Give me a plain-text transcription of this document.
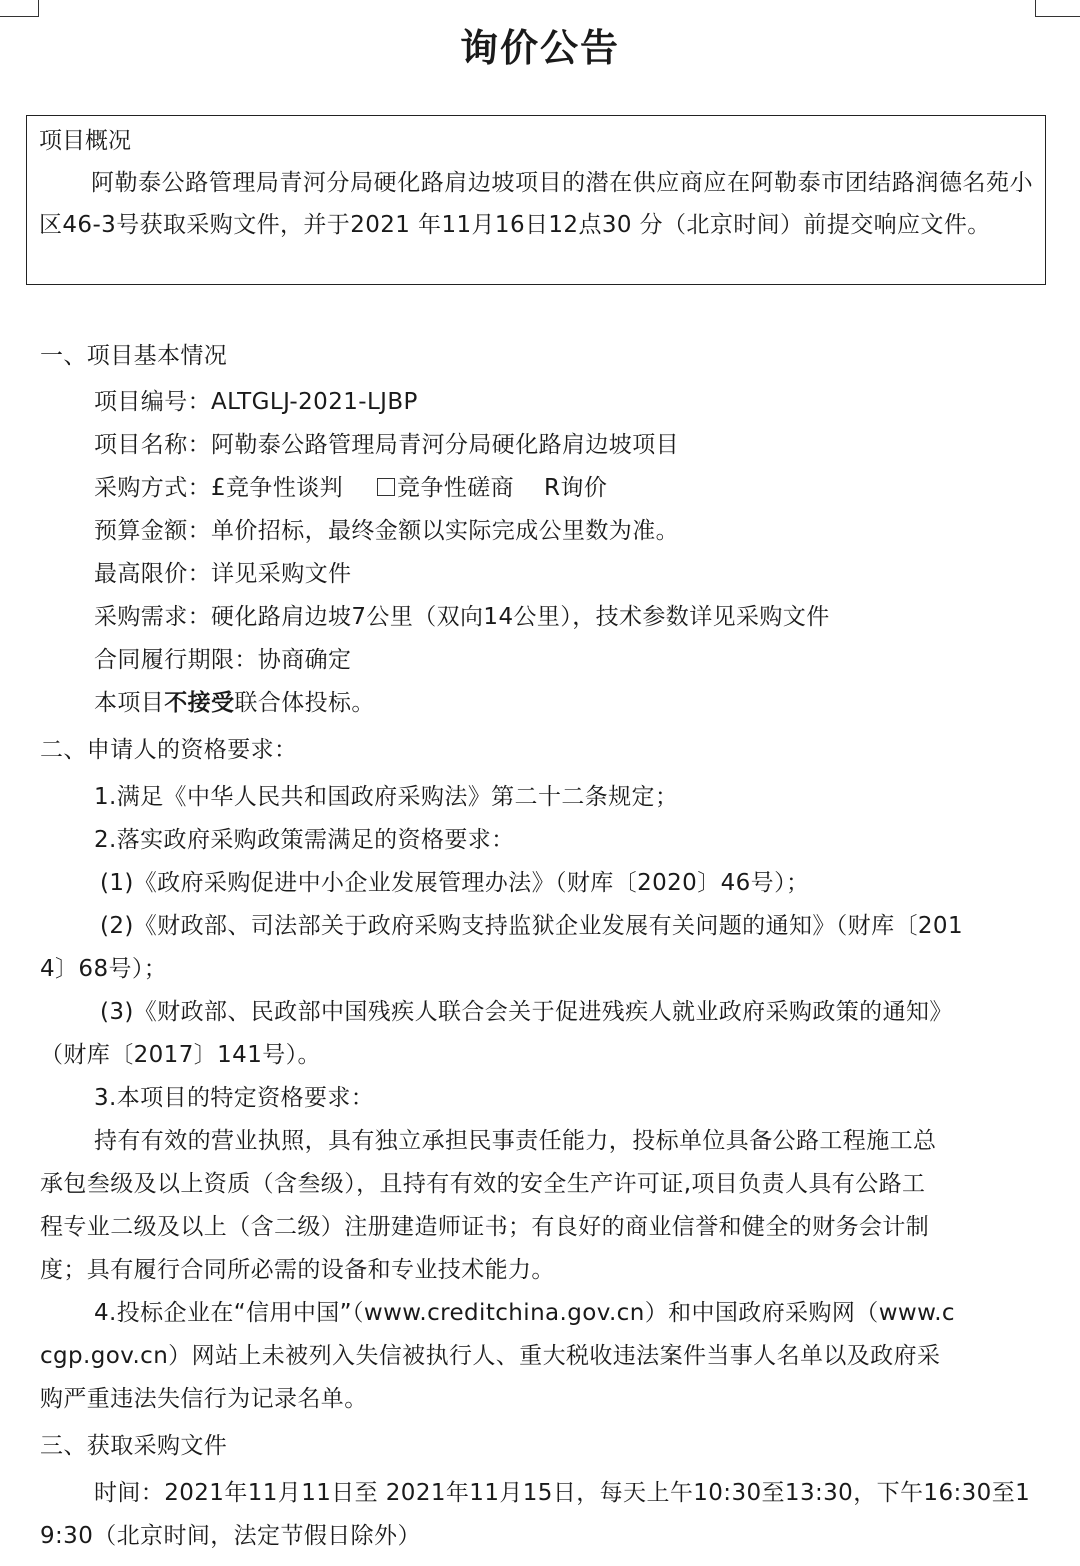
询价公告

项目概况

阿勒泰公路管理局青河分局硬化路肩边坡项目的潜在供应商应在阿勒泰市团结路润德名苑小区46-3号获取采购文件，并于2021 年11月16日12点30 分（北京时间）前提交响应文件。

一、项目基本情况
项目编号：ALTGLJ-2021-LJBP
项目名称：阿勒泰公路管理局青河分局硬化路肩边坡项目
采购方式：£竞争性谈判 竞争性磋商 R询价
预算金额：单价招标，最终金额以实际完成公里数为准。
最高限价：详见采购文件
采购需求：硬化路肩边坡7公里（双向14公里），技术参数详见采购文件
合同履行期限：协商确定
本项目不接受联合体投标。
二、申请人的资格要求：
1.满足《中华人民共和国政府采购法》第二十二条规定；
2.落实政府采购政策需满足的资格要求：
(1)《政府采购促进中小企业发展管理办法》（财库〔2020〕46号）；
(2)《财政部、司法部关于政府采购支持监狱企业发展有关问题的通知》（财库〔201
4〕68号）；
(3)《财政部、民政部中国残疾人联合会关于促进残疾人就业政府采购政策的通知》
（财库〔2017〕141号）。
3.本项目的特定资格要求：
持有有效的营业执照，具有独立承担民事责任能力，投标单位具备公路工程施工总
承包叁级及以上资质（含叁级），且持有有效的安全生产许可证,项目负责人具有公路工
程专业二级及以上（含二级）注册建造师证书；有良好的商业信誉和健全的财务会计制
度；具有履行合同所必需的设备和专业技术能力。
4.投标企业在“信用中国”（www.creditchina.gov.cn）和中国政府采购网（www.c
cgp.gov.cn）网站上未被列入失信被执行人、重大税收违法案件当事人名单以及政府采
购严重违法失信行为记录名单。
三、获取采购文件
时间：2021年11月11日至 2021年11月15日，每天上午10:30至13:30，下午16:30至1
9:30（北京时间，法定节假日除外）
